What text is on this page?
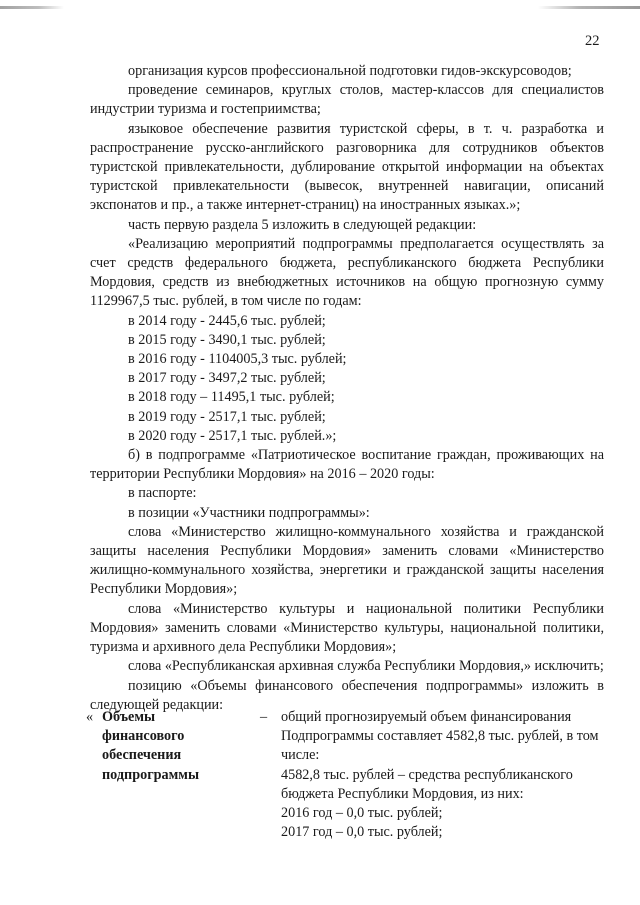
22

организация курсов профессиональной подготовки гидов-экскурсоводов;

проведение семинаров, круглых столов, мастер-классов для специалистов индустрии туризма и гостеприимства;

языковое обеспечение развития туристской сферы, в т. ч. разработка и распространение русско-английского разговорника для сотрудников объектов туристской привлекательности, дублирование открытой информации на объектах туристской привлекательности (вывесок, внутренней навигации, описаний экспонатов и пр., а также интернет-страниц) на иностранных языках.»;

часть первую раздела 5 изложить в следующей редакции:

«Реализацию мероприятий подпрограммы предполагается осуществлять за счет средств федерального бюджета, республиканского бюджета Республики Мордовия, средств из внебюджетных источников на общую прогнозную сумму 1129967,5 тыс. рублей, в том числе по годам:

в 2014 году - 2445,6 тыс. рублей;

в 2015 году - 3490,1 тыс. рублей;

в 2016 году - 1104005,3 тыс. рублей;

в 2017 году - 3497,2 тыс. рублей;

в 2018 году – 11495,1 тыс. рублей;

в 2019 году - 2517,1 тыс. рублей;

в 2020 году - 2517,1 тыс. рублей.»;

б) в подпрограмме «Патриотическое воспитание граждан, проживающих на территории Республики Мордовия» на 2016 – 2020 годы:

в паспорте:

в позиции «Участники подпрограммы»:

слова «Министерство жилищно-коммунального хозяйства и гражданской защиты населения Республики Мордовия» заменить словами «Министерство жилищно-коммунального хозяйства, энергетики и гражданской защиты населения Республики Мордовия»;

слова «Министерство культуры и национальной политики Республики Мордовия» заменить словами «Министерство культуры, национальной политики, туризма и архивного дела Республики Мордовия»;

слова «Республиканская архивная служба Республики Мордовия,» исключить;

позицию «Объемы финансового обеспечения подпрограммы» изложить в следующей редакции:

« Объемы
финансового
обеспечения
подпрограммы
– общий прогнозируемый объем финансирования Подпрограммы составляет 4582,8 тыс. рублей, в том числе:

4582,8 тыс. рублей – средства республиканского бюджета Республики Мордовия, из них:

2016 год – 0,0 тыс. рублей;

2017 год – 0,0 тыс. рублей;
